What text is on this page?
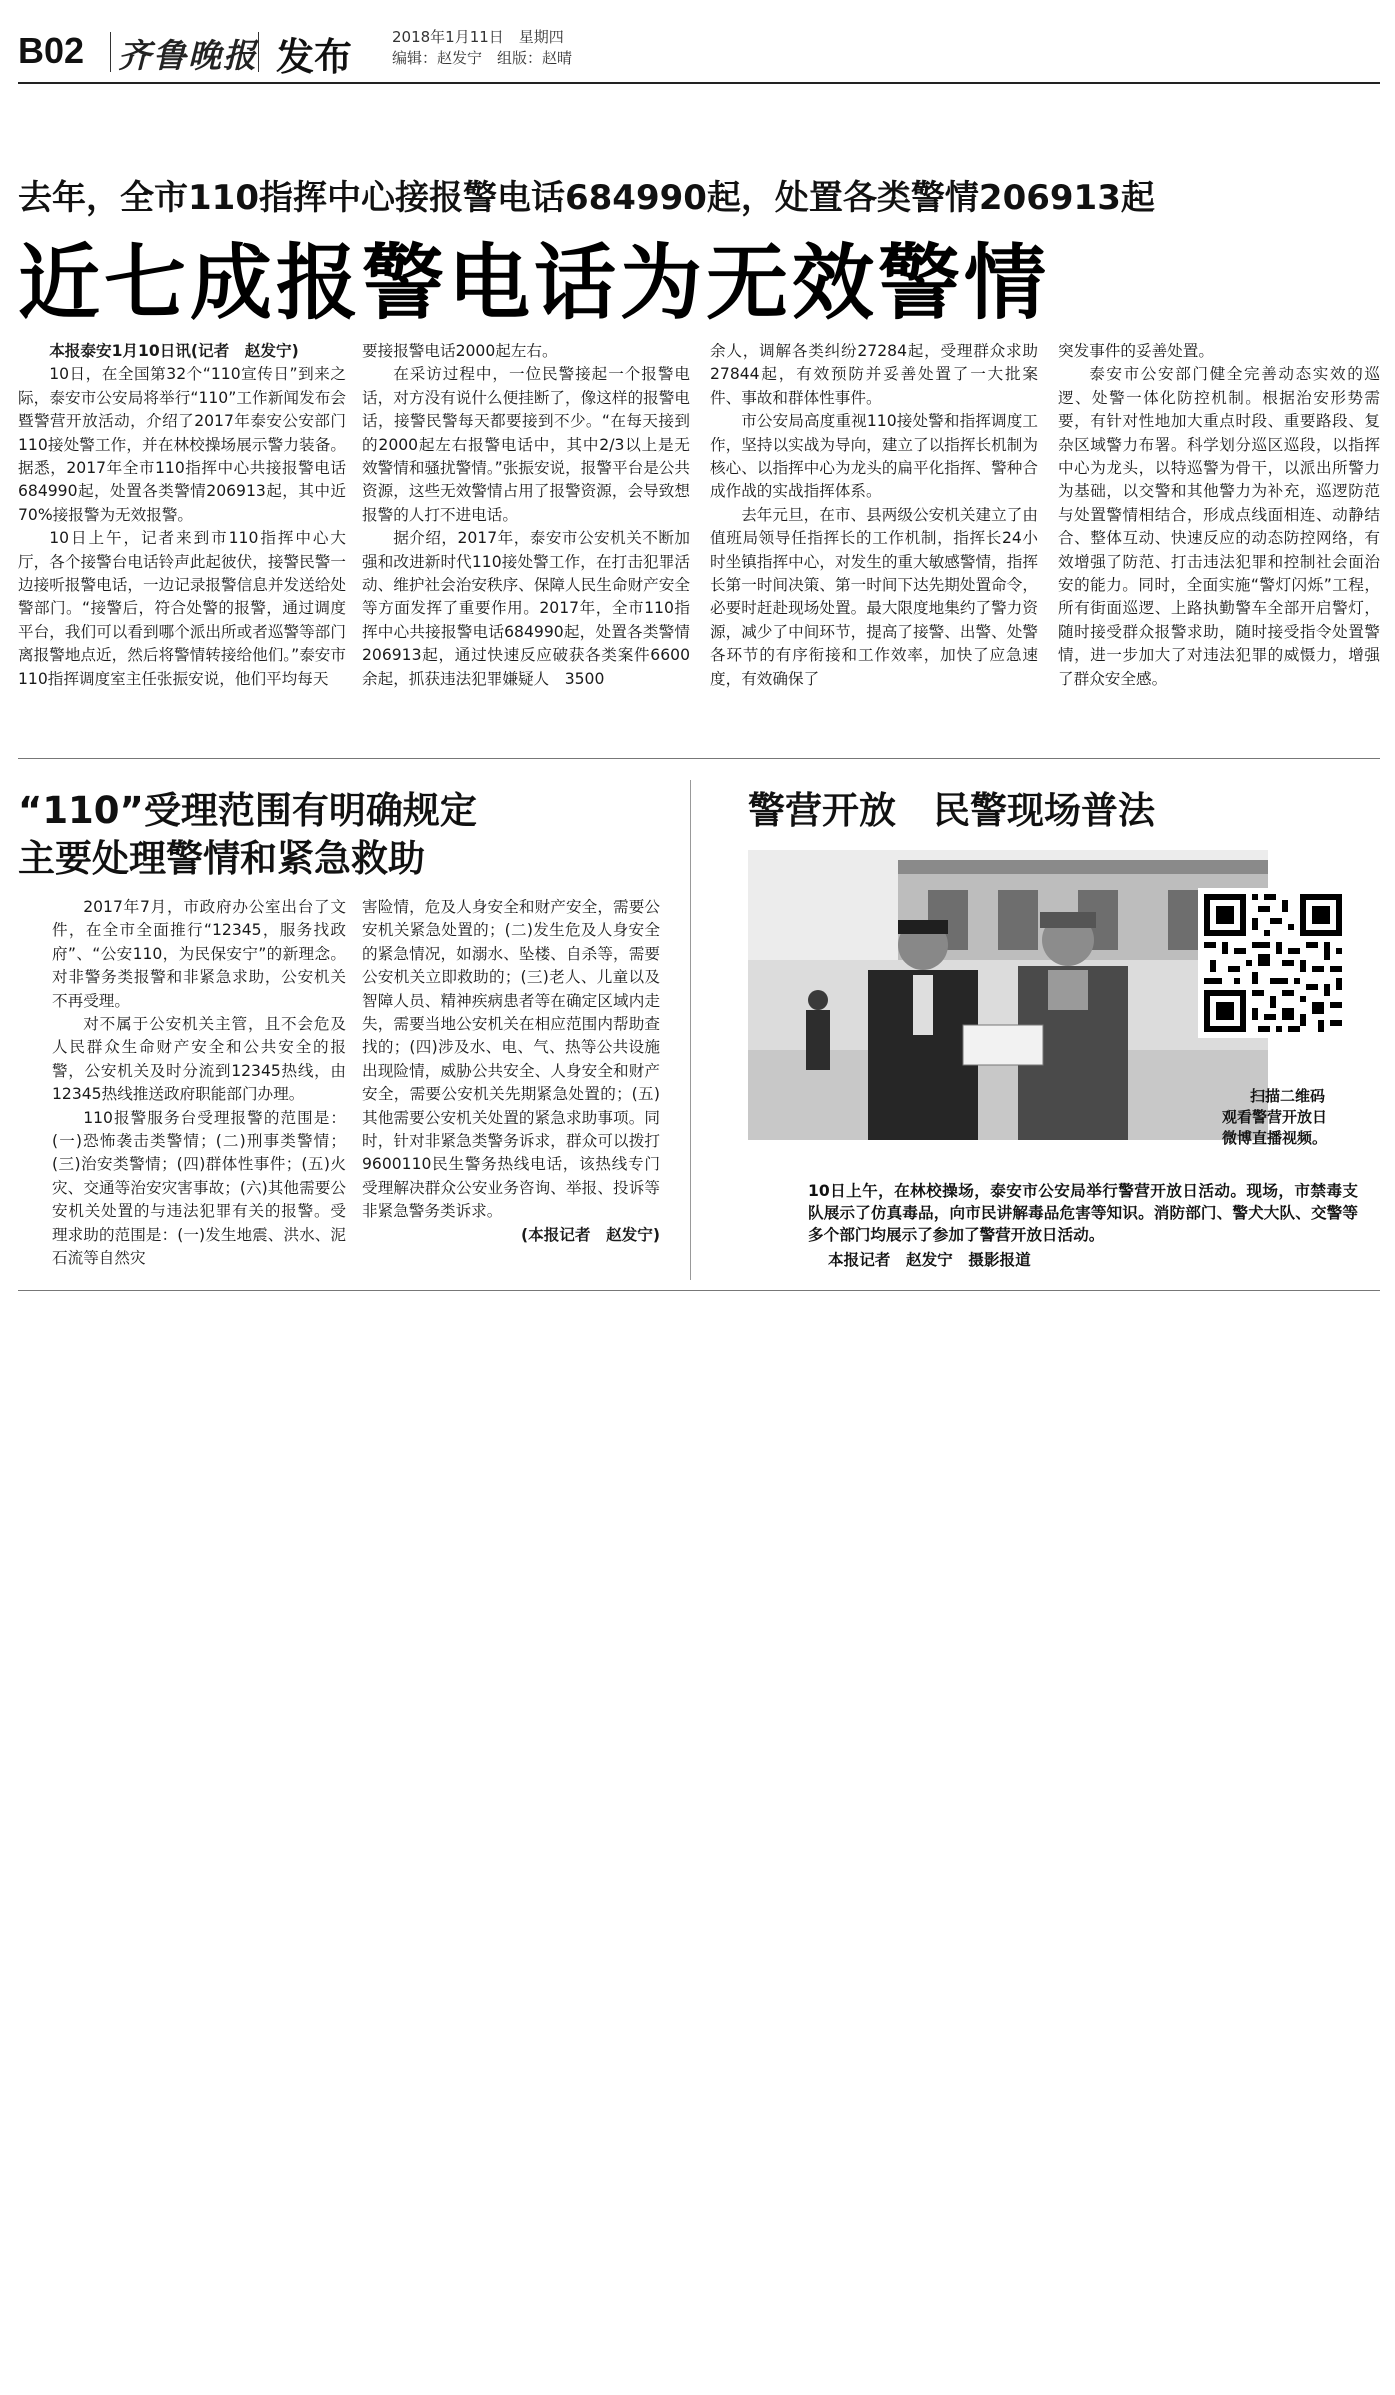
B02 齐鲁晚报 发布	2018年1月11日　星期四
编辑：赵发宁　组版：赵晴
去年，全市110指挥中心接报警电话684990起，处置各类警情206913起
近七成报警电话为无效警情

本报泰安1月10日讯(记者　赵发宁)

10日，在全国第32个“110宣传日”到来之际，泰安市公安局将举行“110”工作新闻发布会暨警营开放活动，介绍了2017年泰安公安部门110接处警工作，并在林校操场展示警力装备。据悉，2017年全市110指挥中心共接报警电话684990起，处置各类警情206913起，其中近70%接报警为无效报警。

10日上午，记者来到市110指挥中心大厅，各个接警台电话铃声此起彼伏，接警民警一边接听报警电话，一边记录报警信息并发送给处警部门。“接警后，符合处警的报警，通过调度平台，我们可以看到哪个派出所或者巡警等部门离报警地点近，然后将警情转接给他们。”泰安市110指挥调度室主任张振安说，他们平均每天

要接报警电话2000起左右。

在采访过程中，一位民警接起一个报警电话，对方没有说什么便挂断了，像这样的报警电话，接警民警每天都要接到不少。“在每天接到的2000起左右报警电话中，其中2/3以上是无效警情和骚扰警情。”张振安说，报警平台是公共资源，这些无效警情占用了报警资源，会导致想报警的人打不进电话。

据介绍，2017年，泰安市公安机关不断加强和改进新时代110接处警工作，在打击犯罪活动、维护社会治安秩序、保障人民生命财产安全等方面发挥了重要作用。2017年，全市110指挥中心共接报警电话684990起，处置各类警情206913起，通过快速反应破获各类案件6600余起，抓获违法犯罪嫌疑人　3500

余人，调解各类纠纷27284起，受理群众求助27844起，有效预防并妥善处置了一大批案件、事故和群体性事件。

市公安局高度重视110接处警和指挥调度工作，坚持以实战为导向，建立了以指挥长机制为核心、以指挥中心为龙头的扁平化指挥、警种合成作战的实战指挥体系。

去年元旦，在市、县两级公安机关建立了由值班局领导任指挥长的工作机制，指挥长24小时坐镇指挥中心，对发生的重大敏感警情，指挥长第一时间决策、第一时间下达先期处置命令，必要时赶赴现场处置。最大限度地集约了警力资源，减少了中间环节，提高了接警、出警、处警各环节的有序衔接和工作效率，加快了应急速度，有效确保了

突发事件的妥善处置。

泰安市公安部门健全完善动态实效的巡逻、处警一体化防控机制。根据治安形势需要，有针对性地加大重点时段、重要路段、复杂区域警力布署。科学划分巡区巡段，以指挥中心为龙头，以特巡警为骨干，以派出所警力为基础，以交警和其他警力为补充，巡逻防范与处置警情相结合，形成点线面相连、动静结合、整体互动、快速反应的动态防控网络，有效增强了防范、打击违法犯罪和控制社会面治安的能力。同时，全面实施“警灯闪烁”工程，所有街面巡逻、上路执勤警车全部开启警灯，随时接受群众报警求助，随时接受指令处置警情，进一步加大了对违法犯罪的威慑力，增强了群众安全感。

“110”受理范围有明确规定
主要处理警情和紧急救助

2017年7月，市政府办公室出台了文件，在全市全面推行“12345，服务找政府”、“公安110，为民保安宁”的新理念。对非警务类报警和非紧急求助，公安机关不再受理。

对不属于公安机关主管，且不会危及人民群众生命财产安全和公共安全的报警，公安机关及时分流到12345热线，由12345热线推送政府职能部门办理。

110报警服务台受理报警的范围是：(一)恐怖袭击类警情；(二)刑事类警情；(三)治安类警情；(四)群体性事件；(五)火灾、交通等治安灾害事故；(六)其他需要公安机关处置的与违法犯罪有关的报警。受理求助的范围是：(一)发生地震、洪水、泥石流等自然灾

害险情，危及人身安全和财产安全，需要公安机关紧急处置的；(二)发生危及人身安全的紧急情况，如溺水、坠楼、自杀等，需要公安机关立即救助的；(三)老人、儿童以及智障人员、精神疾病患者等在确定区域内走失，需要当地公安机关在相应范围内帮助查找的；(四)涉及水、电、气、热等公共设施出现险情，威胁公共安全、人身安全和财产安全，需要公安机关先期紧急处置的；(五)其他需要公安机关处置的紧急求助事项。同时，针对非紧急类警务诉求，群众可以拨打9600110民生警务热线电话，该热线专门受理解决群众公安业务咨询、举报、投诉等非紧急警务类诉求。

(本报记者　赵发宁)

警营开放　民警现场普法
扫描二维码
观看警营开放日
微博直播视频。
10日上午，在林校操场，泰安市公安局举行警营开放日活动。现场，市禁毒支队展示了仿真毒品，向市民讲解毒品危害等知识。消防部门、警犬大队、交警等多个部门均展示了参加了警营开放日活动。
本报记者　赵发宁　摄影报道
